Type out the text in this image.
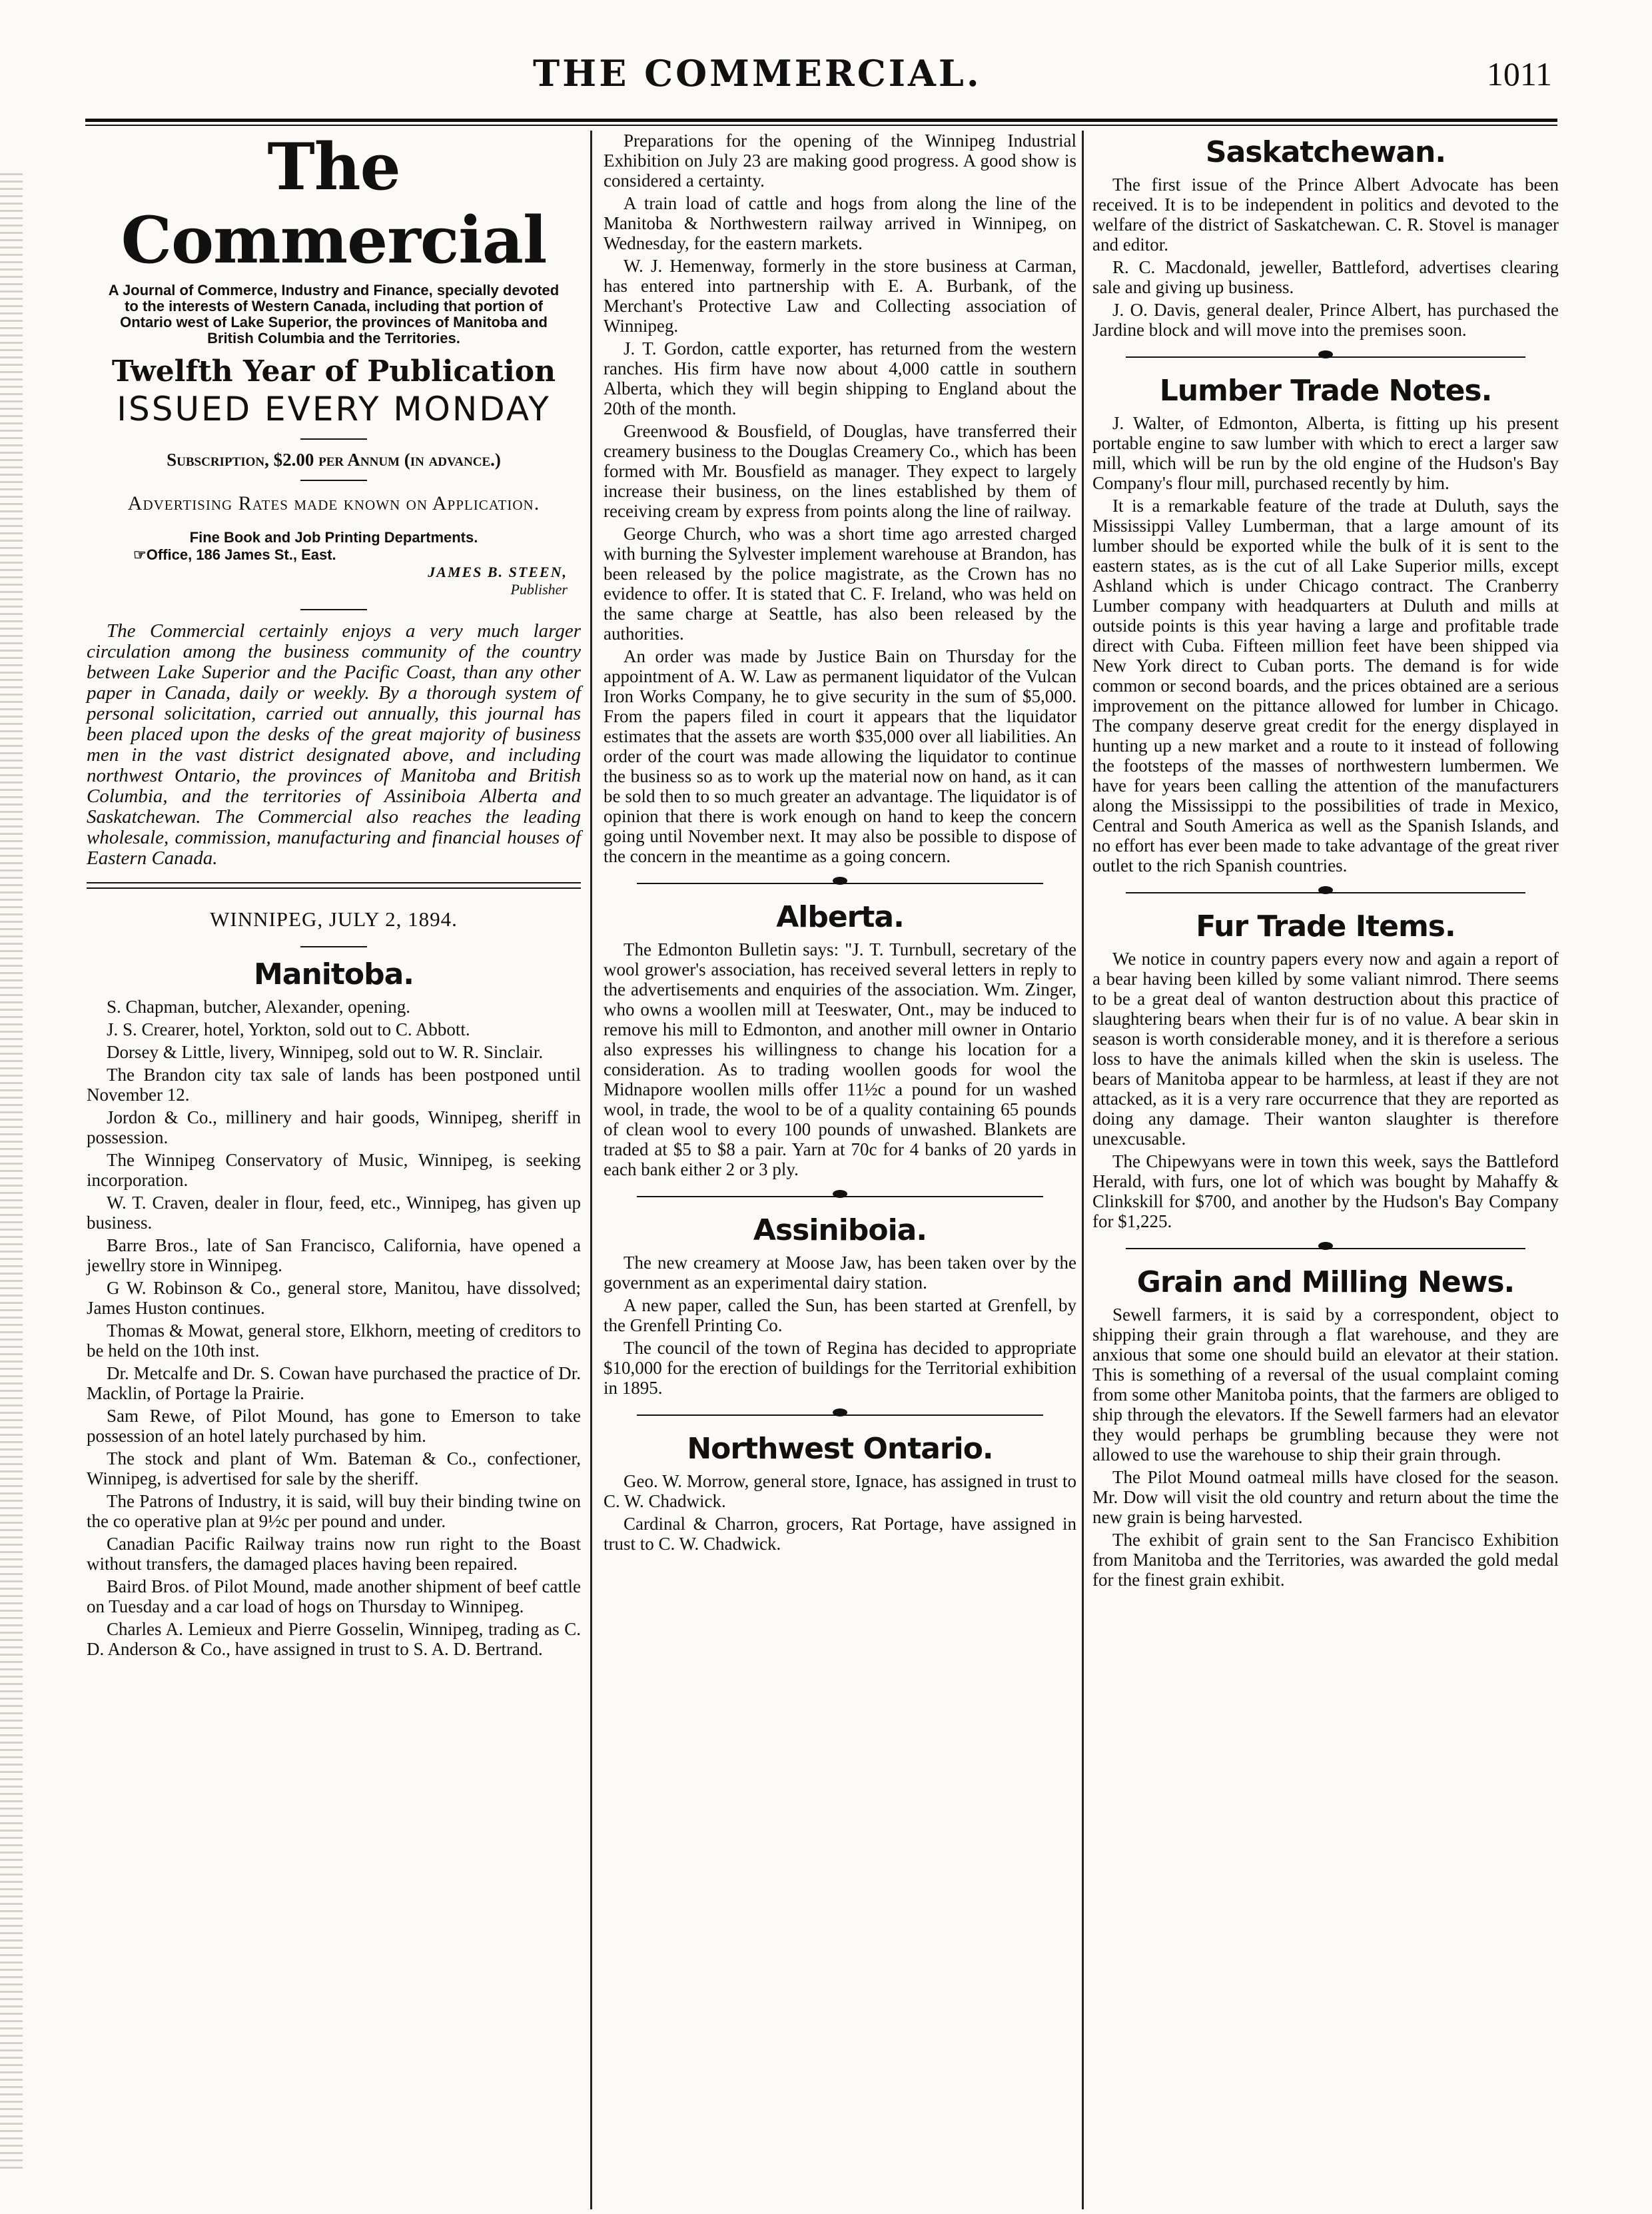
THE COMMERCIAL.	1011
The Commercial
A Journal of Commerce, Industry and Finance, specially devoted to the interests of Western Canada, including that portion of Ontario west of Lake Superior, the provinces of Manitoba and British Columbia and the Territories.
Twelfth Year of Publication
ISSUED EVERY MONDAY
Subscription, $2.00 per Annum (in advance.)
Advertising Rates made known on Application.
Fine Book and Job Printing Departments.
☞Office, 186 James St., East.
JAMES B. STEEN,
Publisher
The Commercial certainly enjoys a very much larger circulation among the business community of the country between Lake Superior and the Pacific Coast, than any other paper in Canada, daily or weekly. By a thorough system of personal solicitation, carried out annually, this journal has been placed upon the desks of the great majority of business men in the vast district designated above, and including northwest Ontario, the provinces of Manitoba and British Columbia, and the territories of Assiniboia Alberta and Saskatchewan. The Commercial also reaches the leading wholesale, commission, manufacturing and financial houses of Eastern Canada.
WINNIPEG, JULY 2, 1894.
Manitoba.

S. Chapman, butcher, Alexander, opening.

J. S. Crearer, hotel, Yorkton, sold out to C. Abbott.

Dorsey & Little, livery, Winnipeg, sold out to W. R. Sinclair.

The Brandon city tax sale of lands has been postponed until November 12.

Jordon & Co., millinery and hair goods, Winnipeg, sheriff in possession.

The Winnipeg Conservatory of Music, Winnipeg, is seeking incorporation.

W. T. Craven, dealer in flour, feed, etc., Winnipeg, has given up business.

Barre Bros., late of San Francisco, California, have opened a jewellry store in Winnipeg.

G W. Robinson & Co., general store, Manitou, have dissolved; James Huston continues.

Thomas & Mowat, general store, Elkhorn, meeting of creditors to be held on the 10th inst.

Dr. Metcalfe and Dr. S. Cowan have purchased the practice of Dr. Macklin, of Portage la Prairie.

Sam Rewe, of Pilot Mound, has gone to Emerson to take possession of an hotel lately purchased by him.

The stock and plant of Wm. Bateman & Co., confectioner, Winnipeg, is advertised for sale by the sheriff.

The Patrons of Industry, it is said, will buy their binding twine on the co operative plan at 9½c per pound and under.

Canadian Pacific Railway trains now run right to the Boast without transfers, the damaged places having been repaired.

Baird Bros. of Pilot Mound, made another shipment of beef cattle on Tuesday and a car load of hogs on Thursday to Winnipeg.

Charles A. Lemieux and Pierre Gosselin, Winnipeg, trading as C. D. Anderson & Co., have assigned in trust to S. A. D. Bertrand.

Preparations for the opening of the Winnipeg Industrial Exhibition on July 23 are making good progress. A good show is considered a certainty.

A train load of cattle and hogs from along the line of the Manitoba & Northwestern railway arrived in Winnipeg, on Wednesday, for the eastern markets.

W. J. Hemenway, formerly in the store business at Carman, has entered into partnership with E. A. Burbank, of the Merchant's Protective Law and Collecting association of Winnipeg.

J. T. Gordon, cattle exporter, has returned from the western ranches. His firm have now about 4,000 cattle in southern Alberta, which they will begin shipping to England about the 20th of the month.

Greenwood & Bousfield, of Douglas, have transferred their creamery business to the Douglas Creamery Co., which has been formed with Mr. Bousfield as manager. They expect to largely increase their business, on the lines established by them of receiving cream by express from points along the line of railway.

George Church, who was a short time ago arrested charged with burning the Sylvester implement warehouse at Brandon, has been released by the police magistrate, as the Crown has no evidence to offer. It is stated that C. F. Ireland, who was held on the same charge at Seattle, has also been released by the authorities.

An order was made by Justice Bain on Thursday for the appointment of A. W. Law as permanent liquidator of the Vulcan Iron Works Company, he to give security in the sum of $5,000. From the papers filed in court it appears that the liquidator estimates that the assets are worth $35,000 over all liabilities. An order of the court was made allowing the liquidator to continue the business so as to work up the material now on hand, as it can be sold then to so much greater an advantage. The liquidator is of opinion that there is work enough on hand to keep the concern going until November next. It may also be possible to dispose of the concern in the meantime as a going concern.

Alberta.

The Edmonton Bulletin says: "J. T. Turnbull, secretary of the wool grower's association, has received several letters in reply to the advertisements and enquiries of the association. Wm. Zinger, who owns a woollen mill at Teeswater, Ont., may be induced to remove his mill to Edmonton, and another mill owner in Ontario also expresses his willingness to change his location for a consideration. As to trading woollen goods for wool the Midnapore woollen mills offer 11½c a pound for un washed wool, in trade, the wool to be of a quality containing 65 pounds of clean wool to every 100 pounds of unwashed. Blankets are traded at $5 to $8 a pair. Yarn at 70c for 4 banks of 20 yards in each bank either 2 or 3 ply.

Assiniboia.

The new creamery at Moose Jaw, has been taken over by the government as an experimental dairy station.

A new paper, called the Sun, has been started at Grenfell, by the Grenfell Printing Co.

The council of the town of Regina has decided to appropriate $10,000 for the erection of buildings for the Territorial exhibition in 1895.

Northwest Ontario.

Geo. W. Morrow, general store, Ignace, has assigned in trust to C. W. Chadwick.

Cardinal & Charron, grocers, Rat Portage, have assigned in trust to C. W. Chadwick.

Saskatchewan.

The first issue of the Prince Albert Advocate has been received. It is to be independent in politics and devoted to the welfare of the district of Saskatchewan. C. R. Stovel is manager and editor.

R. C. Macdonald, jeweller, Battleford, advertises clearing sale and giving up business.

J. O. Davis, general dealer, Prince Albert, has purchased the Jardine block and will move into the premises soon.

Lumber Trade Notes.

J. Walter, of Edmonton, Alberta, is fitting up his present portable engine to saw lumber with which to erect a larger saw mill, which will be run by the old engine of the Hudson's Bay Company's flour mill, purchased recently by him.

It is a remarkable feature of the trade at Duluth, says the Mississippi Valley Lumberman, that a large amount of its lumber should be exported while the bulk of it is sent to the eastern states, as is the cut of all Lake Superior mills, except Ashland which is under Chicago contract. The Cranberry Lumber company with headquarters at Duluth and mills at outside points is this year having a large and profitable trade direct with Cuba. Fifteen million feet have been shipped via New York direct to Cuban ports. The demand is for wide common or second boards, and the prices obtained are a serious improvement on the pittance allowed for lumber in Chicago. The company deserve great credit for the energy displayed in hunting up a new market and a route to it instead of following the footsteps of the masses of northwestern lumbermen. We have for years been calling the attention of the manufacturers along the Mississippi to the possibilities of trade in Mexico, Central and South America as well as the Spanish Islands, and no effort has ever been made to take advantage of the great river outlet to the rich Spanish countries.

Fur Trade Items.

We notice in country papers every now and again a report of a bear having been killed by some valiant nimrod. There seems to be a great deal of wanton destruction about this practice of slaughtering bears when their fur is of no value. A bear skin in season is worth considerable money, and it is therefore a serious loss to have the animals killed when the skin is useless. The bears of Manitoba appear to be harmless, at least if they are not attacked, as it is a very rare occurrence that they are reported as doing any damage. Their wanton slaughter is therefore unexcusable.

The Chipewyans were in town this week, says the Battleford Herald, with furs, one lot of which was bought by Mahaffy & Clinkskill for $700, and another by the Hudson's Bay Company for $1,225.

Grain and Milling News.

Sewell farmers, it is said by a correspondent, object to shipping their grain through a flat warehouse, and they are anxious that some one should build an elevator at their station. This is something of a reversal of the usual complaint coming from some other Manitoba points, that the farmers are obliged to ship through the elevators. If the Sewell farmers had an elevator they would perhaps be grumbling because they were not allowed to use the warehouse to ship their grain through.

The Pilot Mound oatmeal mills have closed for the season. Mr. Dow will visit the old country and return about the time the new grain is being harvested.

The exhibit of grain sent to the San Francisco Exhibition from Manitoba and the Territories, was awarded the gold medal for the finest grain exhibit.
